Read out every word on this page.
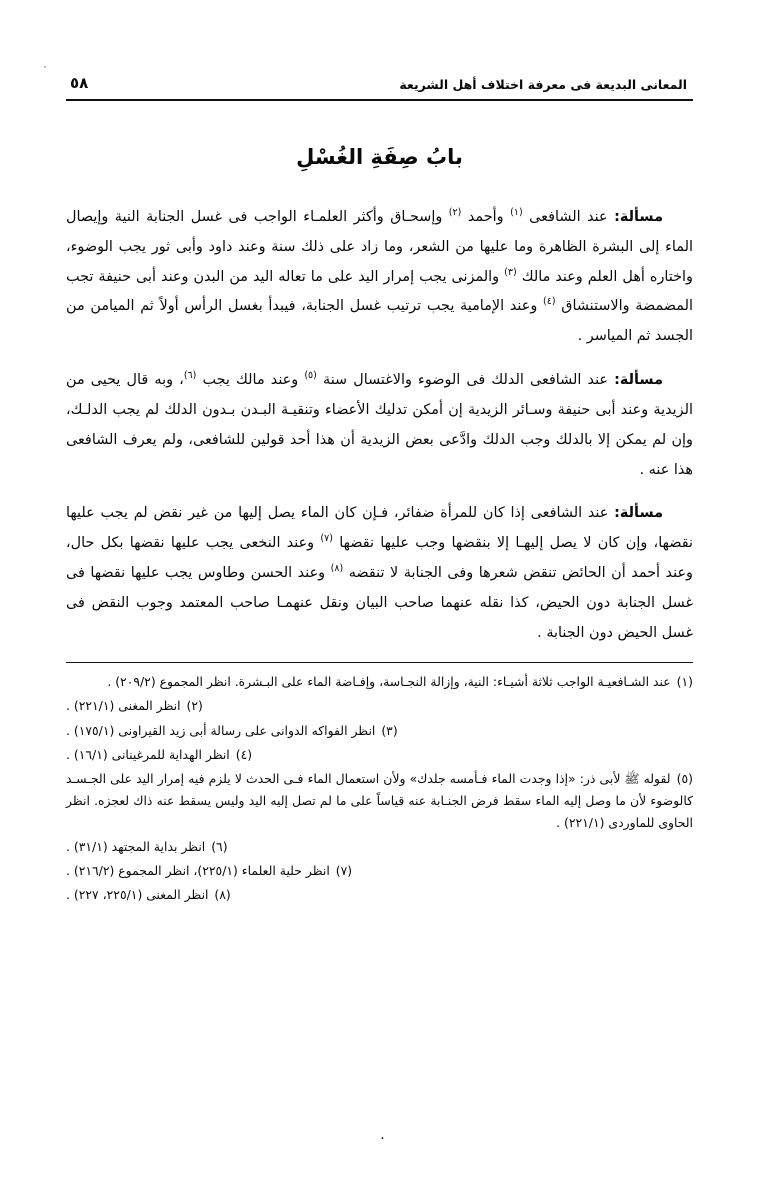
٠
المعانى البديعة فى معرفة اختلاف أهل الشريعة
٥٨
بابُ صِفَةِ الغُسْلِ

مسألة: عند الشافعى $^{(١)}$ وأحمد $^{(٢)}$ وإسحـاق وأكثر العلمـاء الواجب فى غسل الجنابة النية وإيصال الماء إلى البشرة الظاهرة وما عليها من الشعر، وما زاد على ذلك سنة وعند داود وأبى ثور يجب الوضوء، واختاره أهل العلم وعند مالك $^{(٣)}$ والمزنى يجب إمرار اليد على ما تعاله اليد من البدن وعند أبى حنيفة تجب المضمضة والاستنشاق $^{(٤)}$ وعند الإمامية يجب ترتيب غسل الجنابة، فيبدأ بغسل الرأس أولاً ثم الميامن من الجسد ثم المياسر .

مسألة: عند الشافعى الدلك فى الوضوء والاغتسال سنة $^{(٥)}$ وعند مالك يجب $^{(٦)}$، وبه قال يحيى من الزيدية وعند أبى حنيفة وسـائر الزيدية إن أمكن تدليك الأعضاء وتنقيـة البـدن بـدون الدلك لم يجب الدلـك، وإن لم يمكن إلا بالدلك وجب الدلك وادَّعى بعض الزيدية أن هذا أحد قولين للشافعى، ولم يعرف الشافعى هذا عنه .

مسألة: عند الشافعى إذا كان للمرأة ضفائر، فـإن كان الماء يصل إليها من غير نقض لم يجب عليها نقضها، وإن كان لا يصل إليهـا إلا بنقضها وجب عليها نقضها $^{(٧)}$ وعند النخعى يجب عليها نقضها بكل حال، وعند أحمد أن الحائض تنقض شعرها وفى الجنابة لا تنقضه $^{(٨)}$ وعند الحسن وطاوس يجب عليها نقضها فى غسل الجنابة دون الحيض، كذا نقله عنهما صاحب البيان ونقل عنهمـا صاحب المعتمد وجوب النقض فى غسل الحيض دون الجنابة .

(١) عند الشـافعيـة الواجب ثلاثة أشيـاء: النية، وإزالة النجـاسة، وإفـاضة الماء على البـشرة. انظر المجموع (٢٠٩/٢) .

(٢) انظر المغنى (٢٢١/١) .

(٣) انظر الفواكه الدوانى على رسالة أبى زيد القيراونى (١٧٥/١) .

(٤) انظر الهداية للمرغينانى (١٦/١) .

(٥) لقوله ﷺ لأبى ذر: «إذا وجدت الماء فـأمسه جلدك» ولأن استعمال الماء فـى الحدث لا يلزم فيه إمرار اليد على الجـسـد كالوضوء لأن ما وصل إليه الماء سقط فرض الجنـابة عنه قياساً على ما لم تصل إليه اليد وليس يسقط عنه ذاك لعجزه. انظر الحاوى للماوردى (٢٢١/١) .

(٦) انظر بداية المجتهد (٣١/١) .

(٧) انظر حلية العلماء (٢٢٥/١)، انظر المجموع (٢١٦/٢) .

(٨) انظر المغنى (٢٢٥/١، ٢٢٧) .

.
